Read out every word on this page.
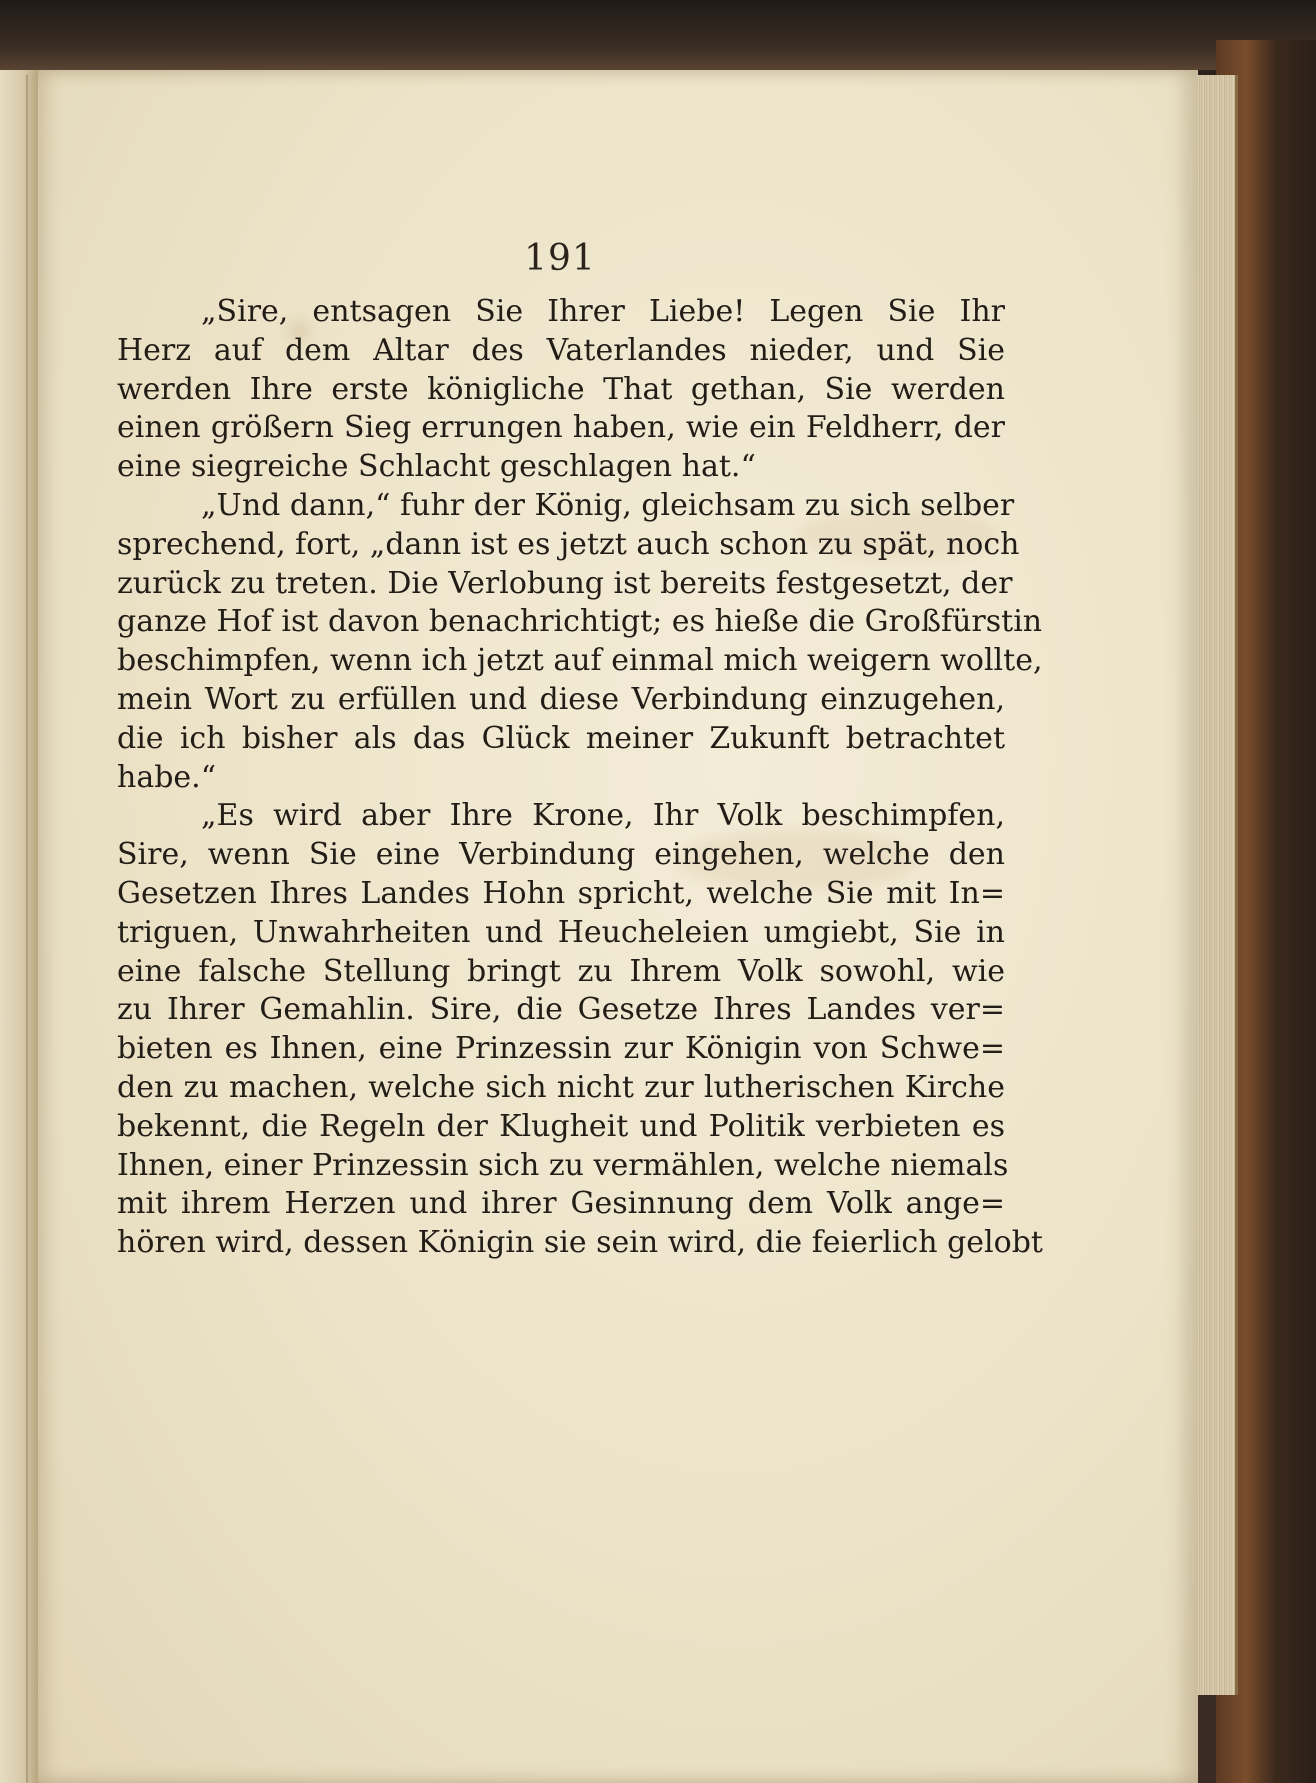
191
„Sire, entsagen Sie Ihrer Liebe! Legen Sie Ihr
Herz auf dem Altar des Vaterlandes nieder, und Sie
werden Ihre erste königliche That gethan, Sie werden
einen größern Sieg errungen haben, wie ein Feldherr, der
eine siegreiche Schlacht geschlagen hat.“
„Und dann,“ fuhr der König, gleichsam zu sich selber
sprechend, fort, „dann ist es jetzt auch schon zu spät, noch
zurück zu treten. Die Verlobung ist bereits festgesetzt, der
ganze Hof ist davon benachrichtigt; es hieße die Großfürstin
beschimpfen, wenn ich jetzt auf einmal mich weigern wollte,
mein Wort zu erfüllen und diese Verbindung einzugehen,
die ich bisher als das Glück meiner Zukunft betrachtet
habe.“
„Es wird aber Ihre Krone, Ihr Volk beschimpfen,
Sire, wenn Sie eine Verbindung eingehen, welche den
Gesetzen Ihres Landes Hohn spricht, welche Sie mit In=
triguen, Unwahrheiten und Heucheleien umgiebt, Sie in
eine falsche Stellung bringt zu Ihrem Volk sowohl, wie
zu Ihrer Gemahlin. Sire, die Gesetze Ihres Landes ver=
bieten es Ihnen, eine Prinzessin zur Königin von Schwe=
den zu machen, welche sich nicht zur lutherischen Kirche
bekennt, die Regeln der Klugheit und Politik verbieten es
Ihnen, einer Prinzessin sich zu vermählen, welche niemals
mit ihrem Herzen und ihrer Gesinnung dem Volk ange=
hören wird, dessen Königin sie sein wird, die feierlich gelobt
